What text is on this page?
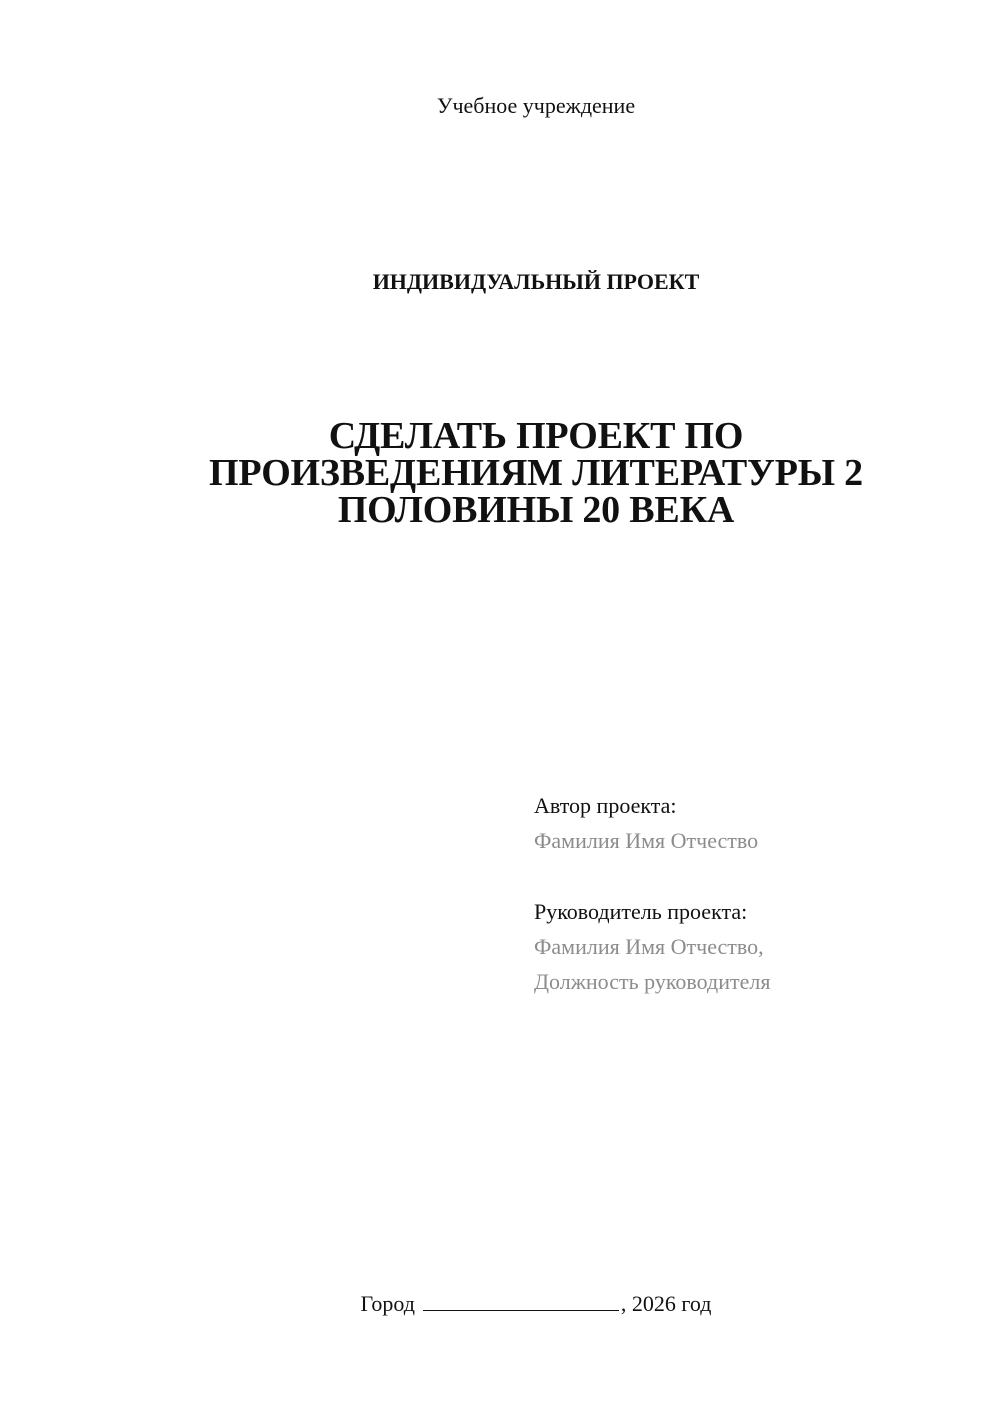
Учебное учреждение
ИНДИВИДУАЛЬНЫЙ ПРОЕКТ
СДЕЛАТЬ ПРОЕКТ ПО
ПРОИЗВЕДЕНИЯМ ЛИТЕРАТУРЫ 2
ПОЛОВИНЫ 20 ВЕКА
Автор проекта:
Фамилия Имя Отчество
Руководитель проекта:
Фамилия Имя Отчество,
Должность руководителя
Город	, 2026 год
